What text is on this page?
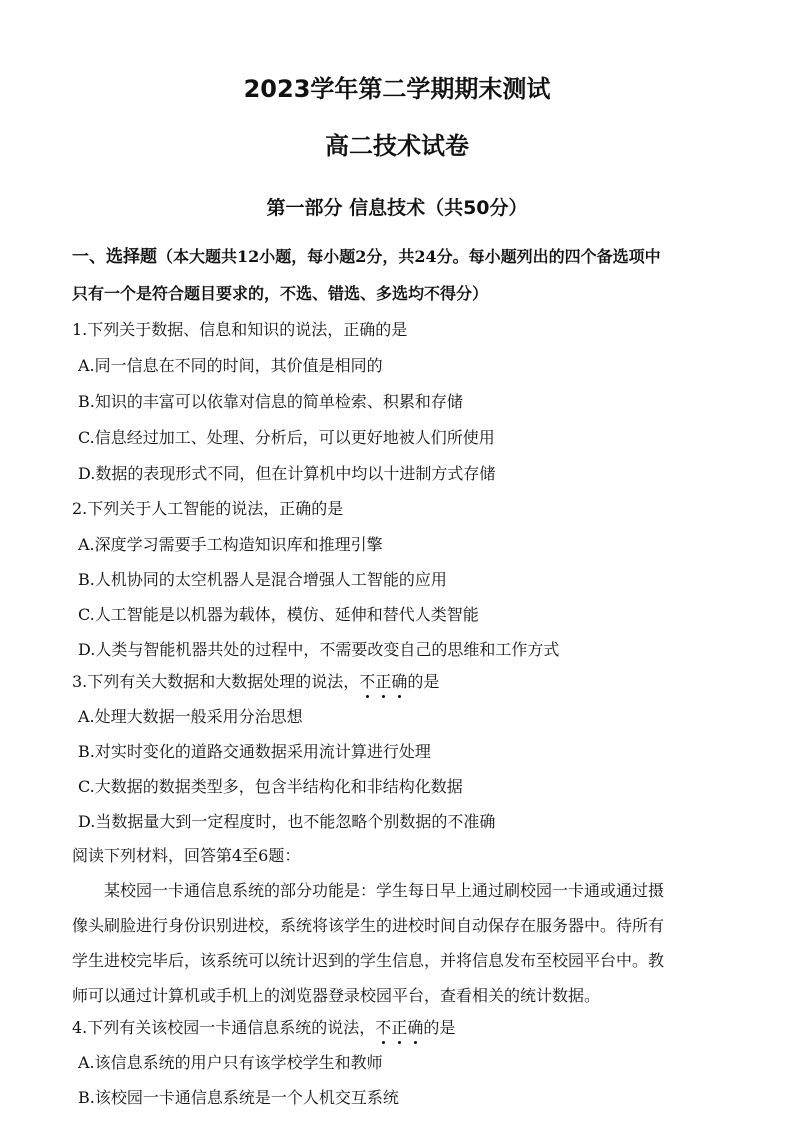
2023学年第二学期期末测试
高二技术试卷
第一部分 信息技术（共50分）
一、选择题（本大题共12小题，每小题2分，共24分。每小题列出的四个备选项中
只有一个是符合题目要求的，不选、错选、多选均不得分）
1.下列关于数据、信息和知识的说法，正确的是
A.同一信息在不同的时间，其价值是相同的
B.知识的丰富可以依靠对信息的简单检索、积累和存储
C.信息经过加工、处理、分析后，可以更好地被人们所使用
D.数据的表现形式不同，但在计算机中均以十进制方式存储
2.下列关于人工智能的说法，正确的是
A.深度学习需要手工构造知识库和推理引擎
B.人机协同的太空机器人是混合增强人工智能的应用
C.人工智能是以机器为载体，模仿、延伸和替代人类智能
D.人类与智能机器共处的过程中，不需要改变自己的思维和工作方式
3.下列有关大数据和大数据处理的说法，不正确的是
A.处理大数据一般采用分治思想
B.对实时变化的道路交通数据采用流计算进行处理
C.大数据的数据类型多，包含半结构化和非结构化数据
D.当数据量大到一定程度时，也不能忽略个别数据的不准确
阅读下列材料，回答第4至6题：
某校园一卡通信息系统的部分功能是：学生每日早上通过刷校园一卡通或通过摄
像头刷脸进行身份识别进校，系统将该学生的进校时间自动保存在服务器中。待所有
学生进校完毕后，该系统可以统计迟到的学生信息，并将信息发布至校园平台中。教
师可以通过计算机或手机上的浏览器登录校园平台，查看相关的统计数据。
4.下列有关该校园一卡通信息系统的说法，不正确的是
A.该信息系统的用户只有该学校学生和教师
B.该校园一卡通信息系统是一个人机交互系统
